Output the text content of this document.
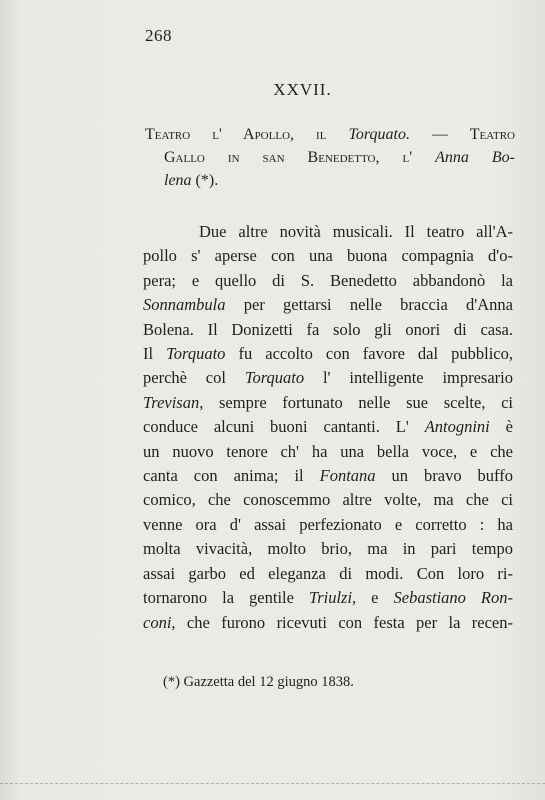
268
XXVII.
Teatro l' Apollo, il Torquato. — Teatro
Gallo in san Benedetto, l' Anna Bo-
lena (*).
Due altre novità musicali. Il teatro all'A-
pollo s' aperse con una buona compagnia d'o-
pera; e quello di S. Benedetto abbandonò la
Sonnambula per gettarsi nelle braccia d'Anna
Bolena. Il Donizetti fa solo gli onori di casa.
Il Torquato fu accolto con favore dal pubblico,
perchè col Torquato l' intelligente impresario
Trevisan, sempre fortunato nelle sue scelte, ci
conduce alcuni buoni cantanti. L' Antognini è
un nuovo tenore ch' ha una bella voce, e che
canta con anima; il Fontana un bravo buffo
comico, che conoscemmo altre volte, ma che ci
venne ora d' assai perfezionato e corretto : ha
molta vivacità, molto brio, ma in pari tempo
assai garbo ed eleganza di modi. Con loro ri-
tornarono la gentile Triulzi, e Sebastiano Ron-
coni, che furono ricevuti con festa per la recen-
(*) Gazzetta del 12 giugno 1838.
